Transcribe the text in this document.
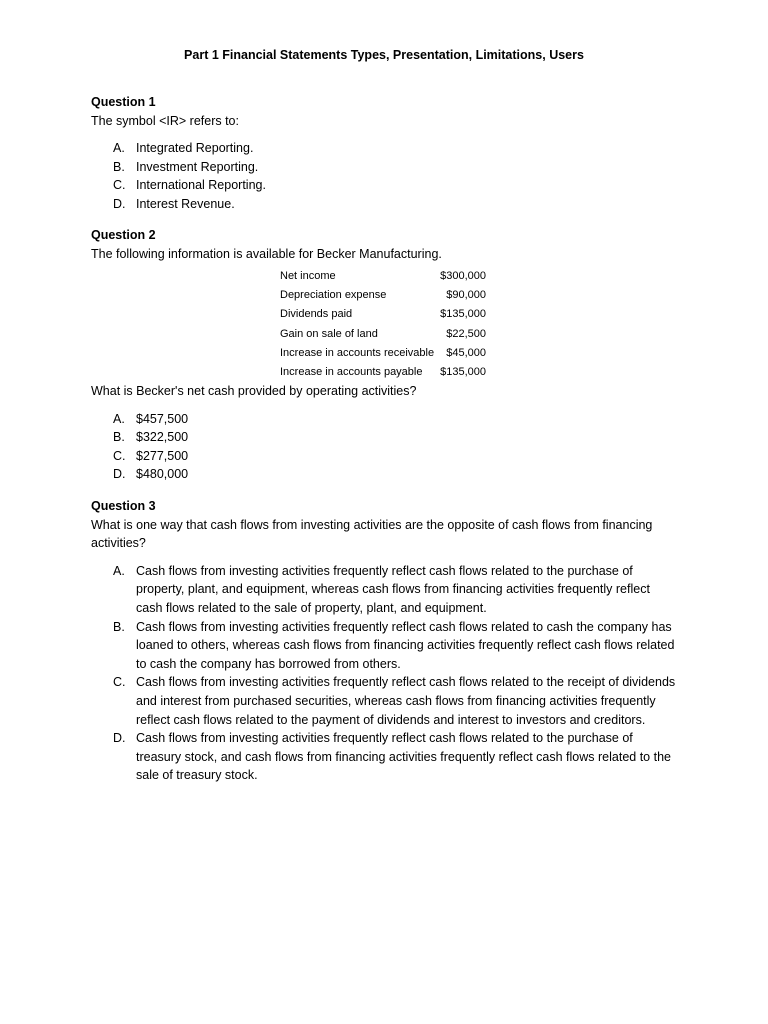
Part 1 Financial Statements Types, Presentation, Limitations, Users

Question 1

The symbol <IR> refers to:

A. Integrated Reporting.
B. Investment Reporting.
C. International Reporting.
D. Interest Revenue.

Question 2

The following information is available for Becker Manufacturing.

Net income	$300,000
Depreciation expense	$90,000
Dividends paid	$135,000
Gain on sale of land	$22,500
Increase in accounts receivable	$45,000
Increase in accounts payable	$135,000

What is Becker's net cash provided by operating activities?

A. $457,500
B. $322,500
C. $277,500
D. $480,000

Question 3

What is one way that cash flows from investing activities are the opposite of cash flows from financing activities?

A. Cash flows from investing activities frequently reflect cash flows related to the purchase of property, plant, and equipment, whereas cash flows from financing activities frequently reflect cash flows related to the sale of property, plant, and equipment.
B. Cash flows from investing activities frequently reflect cash flows related to cash the company has loaned to others, whereas cash flows from financing activities frequently reflect cash flows related to cash the company has borrowed from others.
C. Cash flows from investing activities frequently reflect cash flows related to the receipt of dividends and interest from purchased securities, whereas cash flows from financing activities frequently reflect cash flows related to the payment of dividends and interest to investors and creditors.
D. Cash flows from investing activities frequently reflect cash flows related to the purchase of treasury stock, and cash flows from financing activities frequently reflect cash flows related to the sale of treasury stock.
